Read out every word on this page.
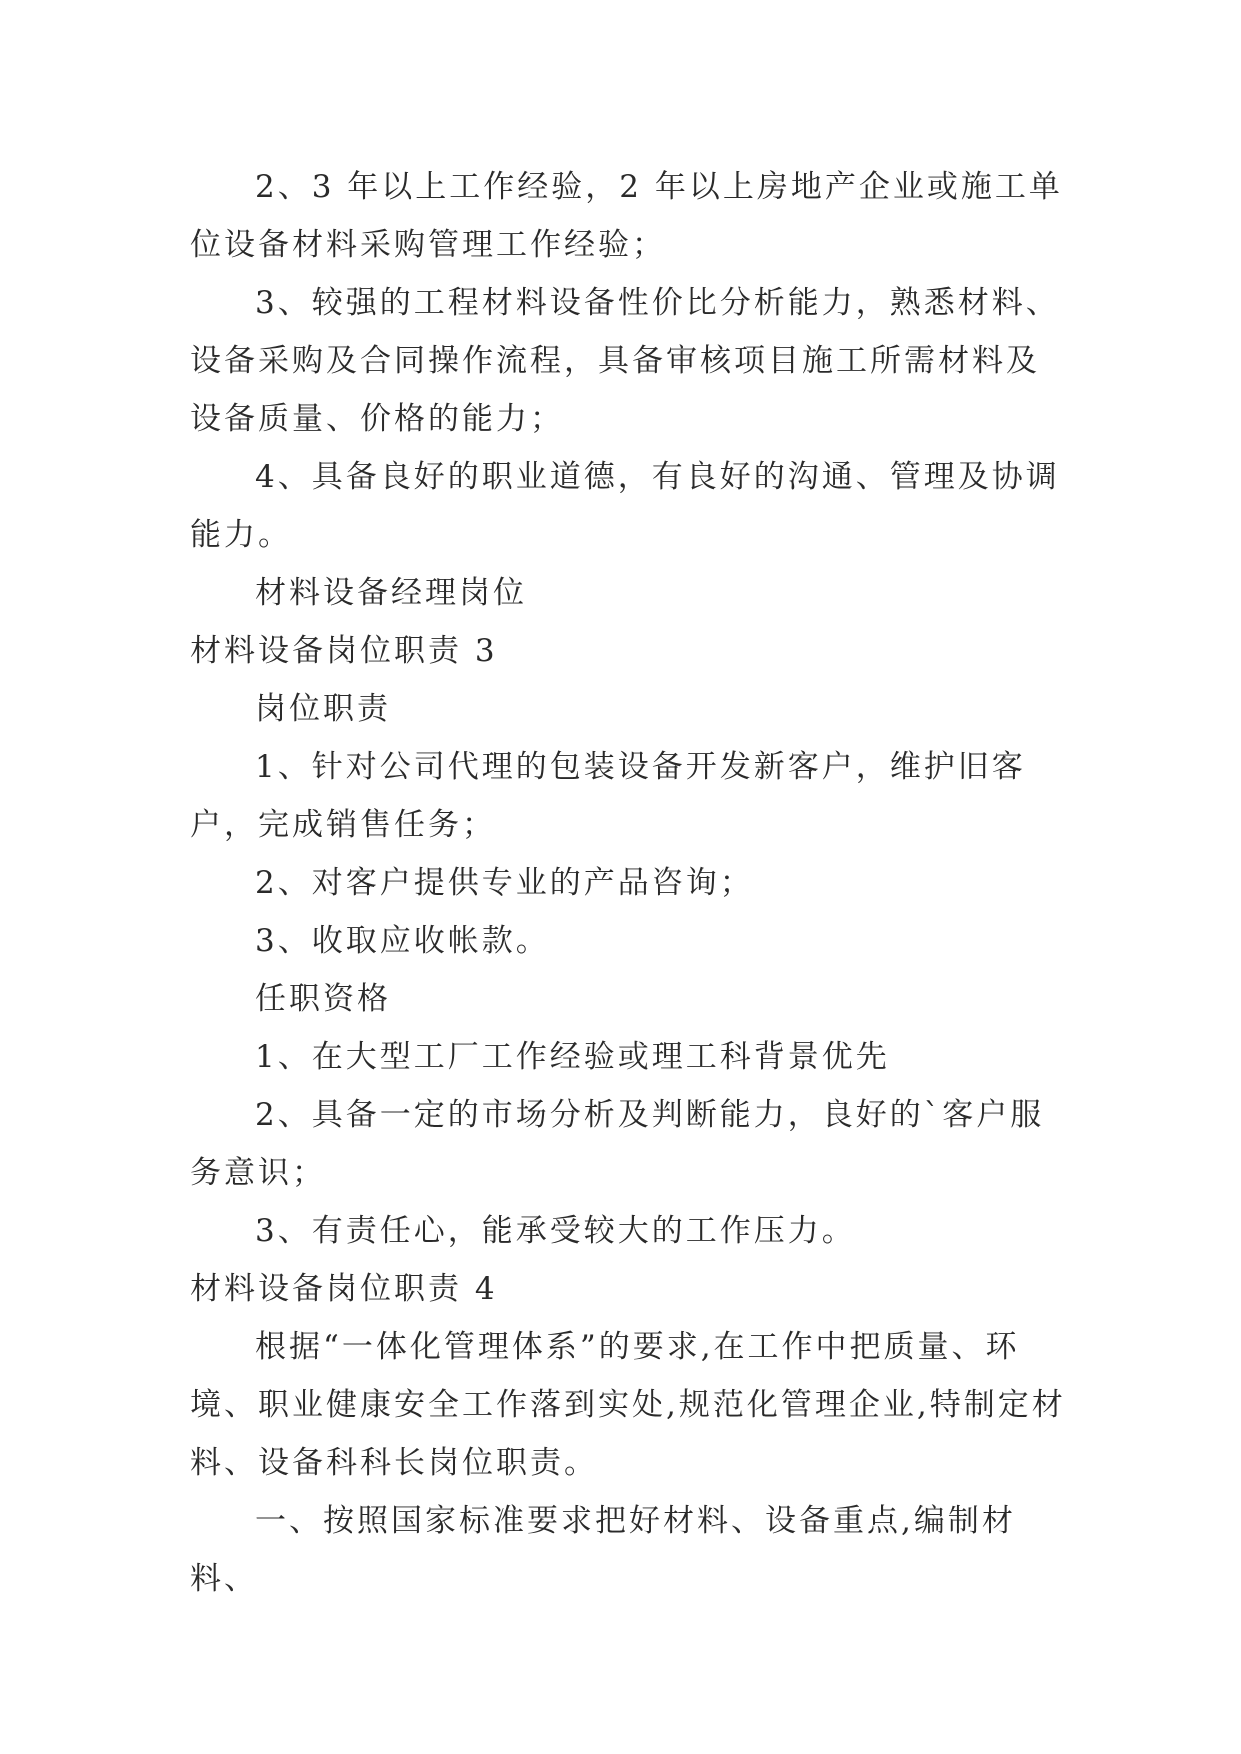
2、3 年以上工作经验，2 年以上房地产企业或施工单位设备材料采购管理工作经验；

3、较强的工程材料设备性价比分析能力，熟悉材料、设备采购及合同操作流程，具备审核项目施工所需材料及设备质量、价格的能力；

4、具备良好的职业道德，有良好的沟通、管理及协调能力。

材料设备经理岗位

材料设备岗位职责 3

岗位职责

1、针对公司代理的包装设备开发新客户，维护旧客户，完成销售任务；

2、对客户提供专业的产品咨询；

3、收取应收帐款。

任职资格

1、在大型工厂工作经验或理工科背景优先

2、具备一定的市场分析及判断能力，良好的`客户服务意识；

3、有责任心，能承受较大的工作压力。

材料设备岗位职责 4

根据“一体化管理体系”的要求,在工作中把质量、环境、职业健康安全工作落到实处,规范化管理企业,特制定材料、设备科科长岗位职责。

一、按照国家标准要求把好材料、设备重点,编制材料、
